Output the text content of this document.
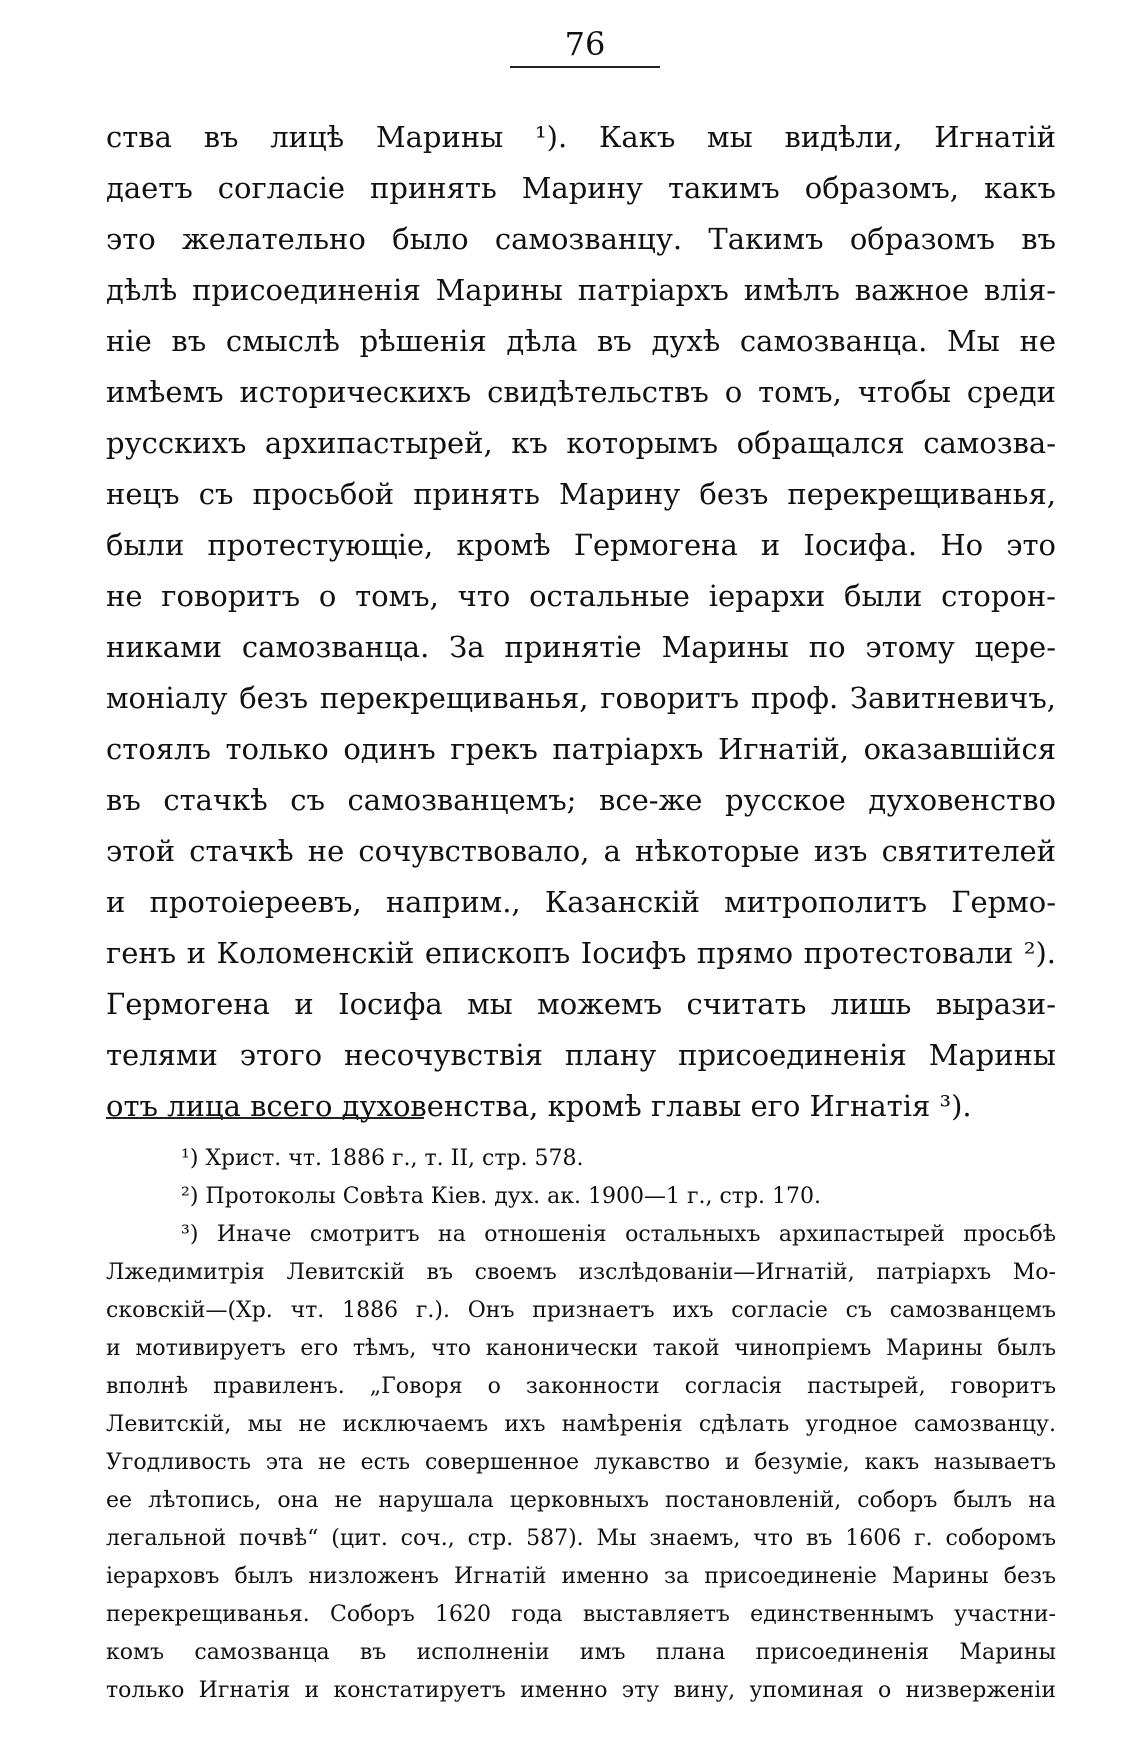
76
ства въ лицѣ Марины ¹). Какъ мы видѣли, Игнатій
даетъ согласіе принять Марину такимъ образомъ, какъ
это желательно было самозванцу. Такимъ образомъ въ
дѣлѣ присоединенія Марины патріархъ имѣлъ важное влія-
ніе въ смыслѣ рѣшенія дѣла въ духѣ самозванца. Мы не
имѣемъ историческихъ свидѣтельствъ о томъ, чтобы среди
русскихъ архипастырей, къ которымъ обращался самозва-
нецъ съ просьбой принять Марину безъ перекрещиванья,
были протестующіе, кромѣ Гермогена и Іосифа. Но это
не говоритъ о томъ, что остальные іерархи были сторон-
никами самозванца. За принятіе Марины по этому цере-
моніалу безъ перекрещиванья, говоритъ проф. Завитневичъ,
стоялъ только одинъ грекъ патріархъ Игнатій, оказавшійся
въ стачкѣ съ самозванцемъ; все-же русское духовенство
этой стачкѣ не сочувствовало, а нѣкоторые изъ святителей
и протоіереевъ, наприм., Казанскій митрополитъ Гермо-
генъ и Коломенскій епископъ Іосифъ прямо протестовали ²).
Гермогена и Іосифа мы можемъ считать лишь вырази-
телями этого несочувствія плану присоединенія Марины
отъ лица всего духовенства, кромѣ главы его Игнатія ³).
¹) Христ. чт. 1886 г., т. II, стр. 578.
²) Протоколы Совѣта Кіев. дух. ак. 1900—1 г., стр. 170.
³) Иначе смотритъ на отношенія остальныхъ архипастырей просьбѣ
Лжедимитрія Левитскій въ своемъ изслѣдованіи—Игнатій, патріархъ Мо-
сковскій—(Хр. чт. 1886 г.). Онъ признаетъ ихъ согласіе съ самозванцемъ
и мотивируетъ его тѣмъ, что канонически такой чинопріемъ Марины былъ
вполнѣ правиленъ. „Говоря о законности согласія пастырей, говоритъ
Левитскій, мы не исключаемъ ихъ намѣренія сдѣлать угодное самозванцу.
Угодливость эта не есть совершенное лукавство и безуміе, какъ называетъ
ее лѣтопись, она не нарушала церковныхъ постановленій, соборъ былъ на
легальной почвѣ“ (цит. соч., стр. 587). Мы знаемъ, что въ 1606 г. соборомъ
іерарховъ былъ низложенъ Игнатій именно за присоединеніе Марины безъ
перекрещиванья. Соборъ 1620 года выставляетъ единственнымъ участни-
комъ самозванца въ исполненіи имъ плана присоединенія Марины
только Игнатія и констатируетъ именно эту вину, упоминая о низверженіи
